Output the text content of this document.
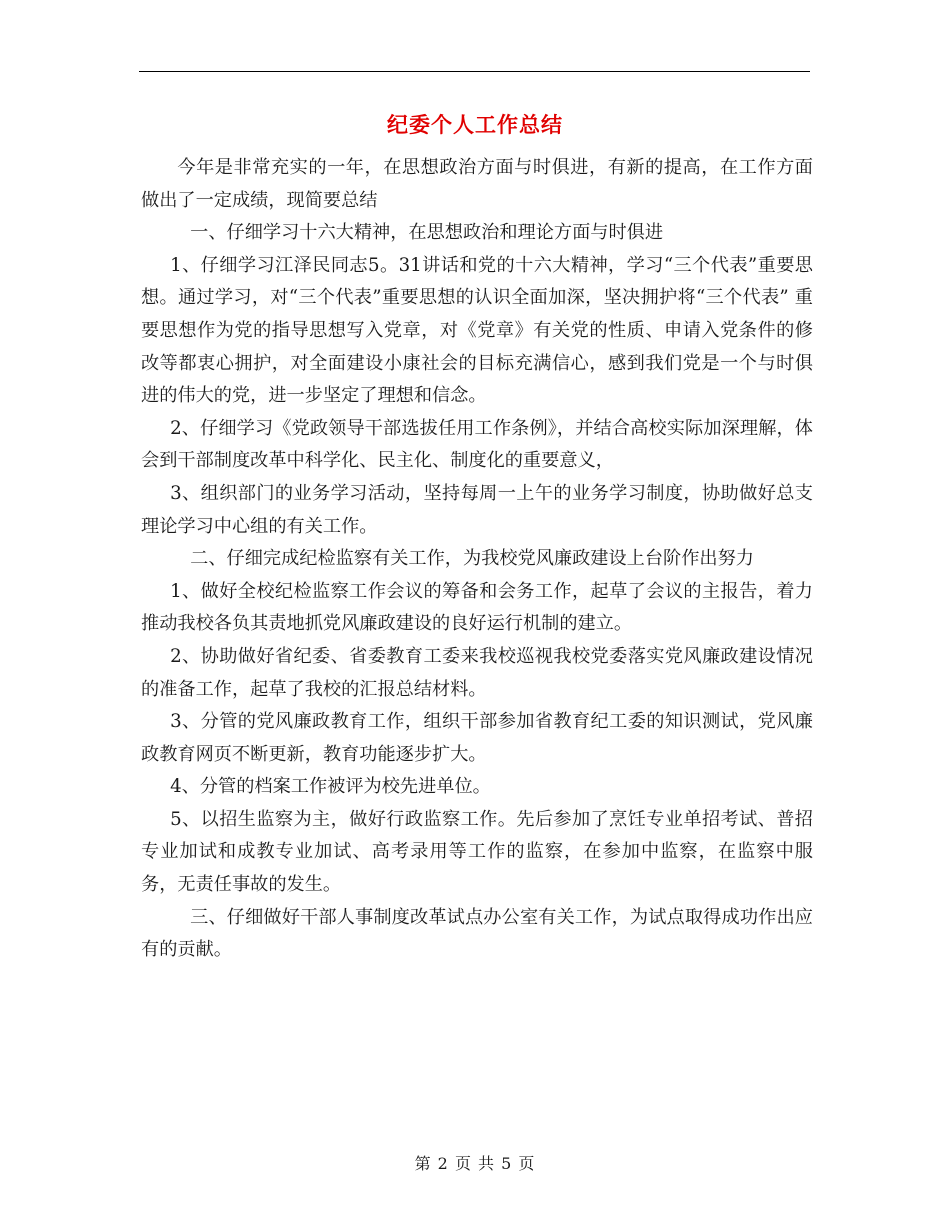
纪委个人工作总结

今年是非常充实的一年，在思想政治方面与时俱进，有新的提高，在工作方面做出了一定成绩，现简要总结

一、仔细学习十六大精神，在思想政治和理论方面与时俱进

1、仔细学习江泽民同志5。31讲话和党的十六大精神，学习“三个代表”重要思想。通过学习，对“三个代表”重要思想的认识全面加深，坚决拥护将“三个代表” 重要思想作为党的指导思想写入党章，对《党章》有关党的性质、申请入党条件的修改等都衷心拥护，对全面建设小康社会的目标充满信心，感到我们党是一个与时俱进的伟大的党，进一步坚定了理想和信念。

2、仔细学习《党政领导干部选拔任用工作条例》，并结合高校实际加深理解，体会到干部制度改革中科学化、民主化、制度化的重要意义，

3、组织部门的业务学习活动，坚持每周一上午的业务学习制度，协助做好总支理论学习中心组的有关工作。

二、仔细完成纪检监察有关工作，为我校党风廉政建设上台阶作出努力

1、做好全校纪检监察工作会议的筹备和会务工作，起草了会议的主报告，着力推动我校各负其责地抓党风廉政建设的良好运行机制的建立。

2、协助做好省纪委、省委教育工委来我校巡视我校党委落实党风廉政建设情况的准备工作，起草了我校的汇报总结材料。

3、分管的党风廉政教育工作，组织干部参加省教育纪工委的知识测试，党风廉政教育网页不断更新，教育功能逐步扩大。

4、分管的档案工作被评为校先进单位。

5、以招生监察为主，做好行政监察工作。先后参加了烹饪专业单招考试、普招专业加试和成教专业加试、高考录用等工作的监察，在参加中监察，在监察中服务，无责任事故的发生。

三、仔细做好干部人事制度改革试点办公室有关工作，为试点取得成功作出应有的贡献。

第 2 页 共 5 页
